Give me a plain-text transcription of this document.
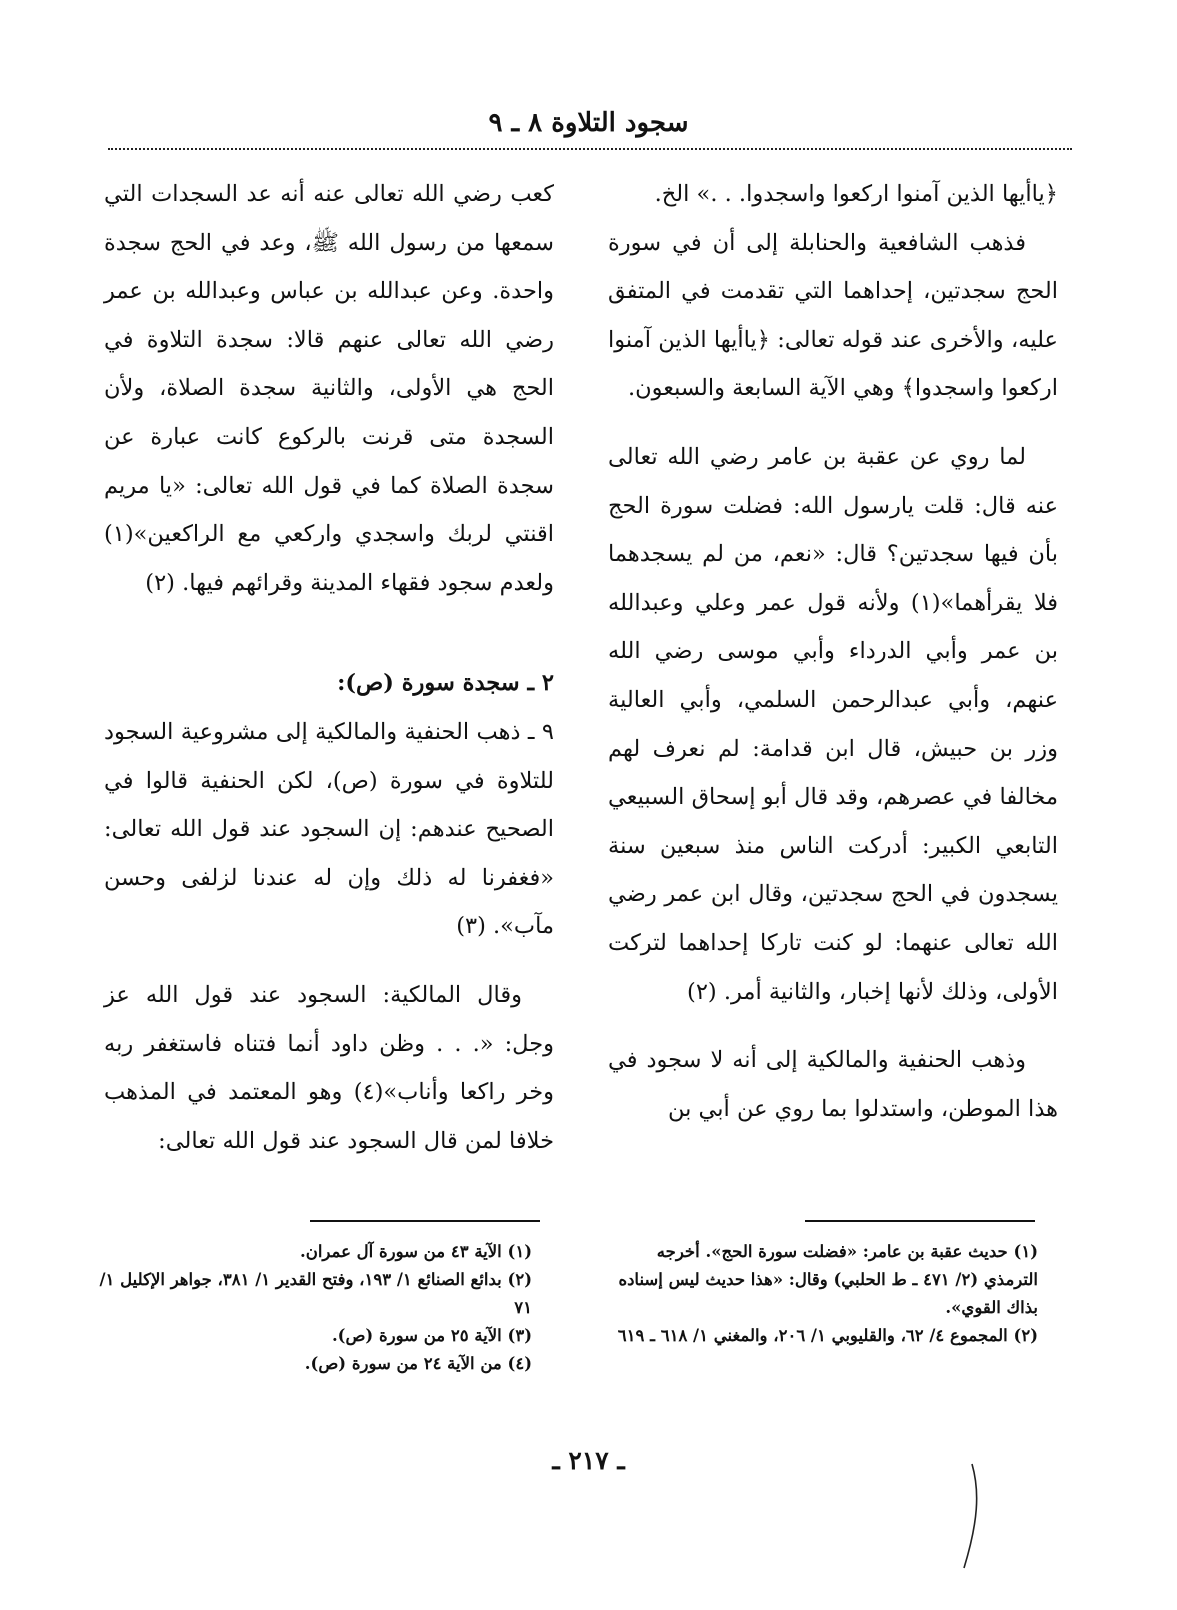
سجود التلاوة ٨ ـ ٩

﴿ياأيها الذين آمنوا اركعوا واسجدوا. . .» الخ.

فذهب الشافعية والحنابلة إلى أن في سورة الحج سجدتين، إحداهما التي تقدمت في المتفق عليه، والأخرى عند قوله تعالى: ﴿ياأيها الذين آمنوا اركعوا واسجدوا﴾ وهي الآية السابعة والسبعون.

لما روي عن عقبة بن عامر رضي الله تعالى عنه قال: قلت يارسول الله: فضلت سورة الحج بأن فيها سجدتين؟ قال: «نعم، من لم يسجدهما فلا يقرأهما»(١) ولأنه قول عمر وعلي وعبدالله بن عمر وأبي الدرداء وأبي موسى رضي الله عنهم، وأبي عبدالرحمن السلمي، وأبي العالية وزر بن حبيش، قال ابن قدامة: لم نعرف لهم مخالفا في عصرهم، وقد قال أبو إسحاق السبيعي التابعي الكبير: أدركت الناس منذ سبعين سنة يسجدون في الحج سجدتين، وقال ابن عمر رضي الله تعالى عنهما: لو كنت تاركا إحداهما لتركت الأولى، وذلك لأنها إخبار، والثانية أمر. (٢)

وذهب الحنفية والمالكية إلى أنه لا سجود في هذا الموطن، واستدلوا بما روي عن أبي بن

كعب رضي الله تعالى عنه أنه عد السجدات التي سمعها من رسول الله ﷺ، وعد في الحج سجدة واحدة. وعن عبدالله بن عباس وعبدالله بن عمر رضي الله تعالى عنهم قالا: سجدة التلاوة في الحج هي الأولى، والثانية سجدة الصلاة، ولأن السجدة متى قرنت بالركوع كانت عبارة عن سجدة الصلاة كما في قول الله تعالى: «يا مريم اقنتي لربك واسجدي واركعي مع الراكعين»(١) ولعدم سجود فقهاء المدينة وقرائهم فيها. (٢)

٢ ـ سجدة سورة (ص):

٩ ـ ذهب الحنفية والمالكية إلى مشروعية السجود للتلاوة في سورة (ص)، لكن الحنفية قالوا في الصحيح عندهم: إن السجود عند قول الله تعالى: «فغفرنا له ذلك وإن له عندنا لزلفى وحسن مآب». (٣)

وقال المالكية: السجود عند قول الله عز وجل: «. . . وظن داود أنما فتناه فاستغفر ربه وخر راكعا وأناب»(٤) وهو المعتمد في المذهب خلافا لمن قال السجود عند قول الله تعالى:

(١) حديث عقبة بن عامر: «فضلت سورة الحج». أخرجه الترمذي (٢/ ٤٧١ ـ ط الحلبي) وقال: «هذا حديث ليس إسناده بذاك القوي».

(٢) المجموع ٤/ ٦٢، والقليوبي ١/ ٢٠٦، والمغني ١/ ٦١٨ ـ ٦١٩

(١) الآية ٤٣ من سورة آل عمران.

(٢) بدائع الصنائع ١/ ١٩٣، وفتح القدير ١/ ٣٨١، جواهر الإكليل ١/ ٧١

(٣) الآية ٢٥ من سورة (ص).

(٤) من الآية ٢٤ من سورة (ص).

ـ ٢١٧ ـ
